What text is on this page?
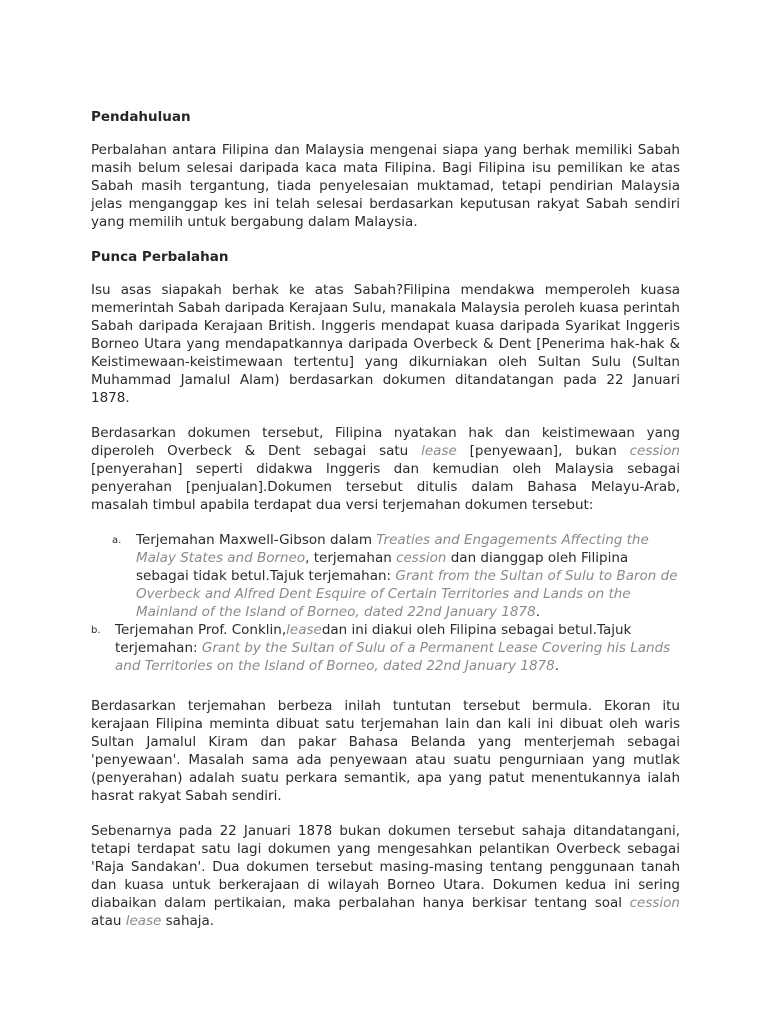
Pendahuluan

Perbalahan antara Filipina dan Malaysia mengenai siapa yang berhak memiliki Sabah masih belum selesai daripada kaca mata Filipina. Bagi Filipina isu pemilikan ke atas Sabah masih tergantung, tiada penyelesaian muktamad, tetapi pendirian Malaysia jelas menganggap kes ini telah selesai berdasarkan keputusan rakyat Sabah sendiri yang memilih untuk bergabung dalam Malaysia.

Punca Perbalahan

Isu asas siapakah berhak ke atas Sabah?Filipina mendakwa memperoleh kuasa memerintah Sabah daripada Kerajaan Sulu, manakala Malaysia peroleh kuasa perintah Sabah daripada Kerajaan British. Inggeris mendapat kuasa daripada Syarikat Inggeris Borneo Utara yang mendapatkannya daripada Overbeck & Dent [Penerima hak-hak & Keistimewaan-keistimewaan tertentu] yang dikurniakan oleh Sultan Sulu (Sultan Muhammad Jamalul Alam) berdasarkan dokumen ditandatangan pada 22 Januari 1878.

Berdasarkan dokumen tersebut, Filipina nyatakan hak dan keistimewaan yang diperoleh Overbeck & Dent sebagai satu lease [penyewaan], bukan cession [penyerahan] seperti didakwa Inggeris dan kemudian oleh Malaysia sebagai penyerahan [penjualan].Dokumen tersebut ditulis dalam Bahasa Melayu-Arab, masalah timbul apabila terdapat dua versi terjemahan dokumen tersebut:

a. Terjemahan Maxwell-Gibson dalam Treaties and Engagements Affecting the Malay States and Borneo, terjemahan cession dan dianggap oleh Filipina sebagai tidak betul.Tajuk terjemahan: Grant from the Sultan of Sulu to Baron de Overbeck and Alfred Dent Esquire of Certain Territories and Lands on the Mainland of the Island of Borneo, dated 22nd January 1878.
b. Terjemahan Prof. Conklin,leasedan ini diakui oleh Filipina sebagai betul.Tajuk terjemahan: Grant by the Sultan of Sulu of a Permanent Lease Covering his Lands and Territories on the Island of Borneo, dated 22nd January 1878.

Berdasarkan terjemahan berbeza inilah tuntutan tersebut bermula. Ekoran itu kerajaan Filipina meminta dibuat satu terjemahan lain dan kali ini dibuat oleh waris Sultan Jamalul Kiram dan pakar Bahasa Belanda yang menterjemah sebagai 'penyewaan'. Masalah sama ada penyewaan atau suatu pengurniaan yang mutlak (penyerahan) adalah suatu perkara semantik, apa yang patut menentukannya ialah hasrat rakyat Sabah sendiri.

Sebenarnya pada 22 Januari 1878 bukan dokumen tersebut sahaja ditandatangani, tetapi terdapat satu lagi dokumen yang mengesahkan pelantikan Overbeck sebagai 'Raja Sandakan'. Dua dokumen tersebut masing-masing tentang penggunaan tanah dan kuasa untuk berkerajaan di wilayah Borneo Utara. Dokumen kedua ini sering diabaikan dalam pertikaian, maka perbalahan hanya berkisar tentang soal cession atau lease sahaja.
